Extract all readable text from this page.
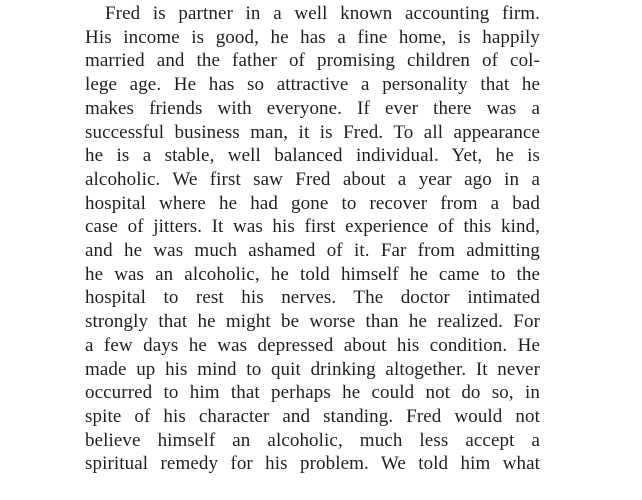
Fred is partner in a well known accounting firm.
His income is good, he has a fine home, is happily
married and the father of promising children of col-
lege age. He has so attractive a personality that he
makes friends with everyone. If ever there was a
successful business man, it is Fred. To all appearance
he is a stable, well balanced individual. Yet, he is
alcoholic. We first saw Fred about a year ago in a
hospital where he had gone to recover from a bad
case of jitters. It was his first experience of this kind,
and he was much ashamed of it. Far from admitting
he was an alcoholic, he told himself he came to the
hospital to rest his nerves. The doctor intimated
strongly that he might be worse than he realized. For
a few days he was depressed about his condition. He
made up his mind to quit drinking altogether. It never
occurred to him that perhaps he could not do so, in
spite of his character and standing. Fred would not
believe himself an alcoholic, much less accept a
spiritual remedy for his problem. We told him what
